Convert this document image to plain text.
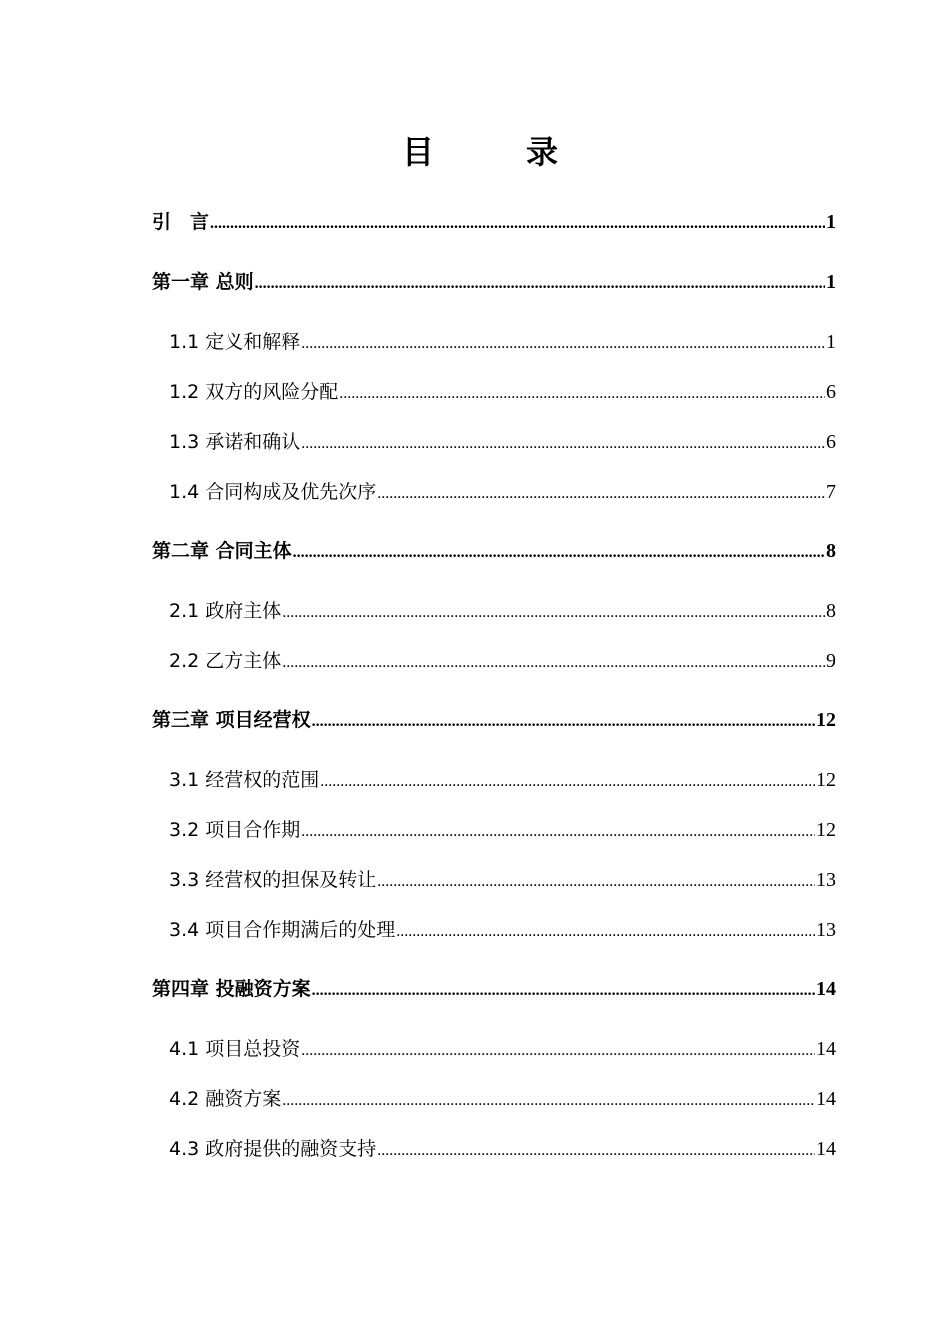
目　录
引　言 .....	1
第一章 总则 .....	1
1.1 定义和解释 .....	1
1.2 双方的风险分配 .....	6
1.3 承诺和确认 .....	6
1.4 合同构成及优先次序 .....	7
第二章 合同主体 .....	8
2.1 政府主体 .....	8
2.2 乙方主体 .....	9
第三章 项目经营权 .....	12
3.1 经营权的范围 .....	12
3.2 项目合作期 .....	12
3.3 经营权的担保及转让 .....	13
3.4 项目合作期满后的处理 .....	13
第四章 投融资方案 .....	14
4.1 项目总投资 .....	14
4.2 融资方案 .....	14
4.3 政府提供的融资支持 .....	14
